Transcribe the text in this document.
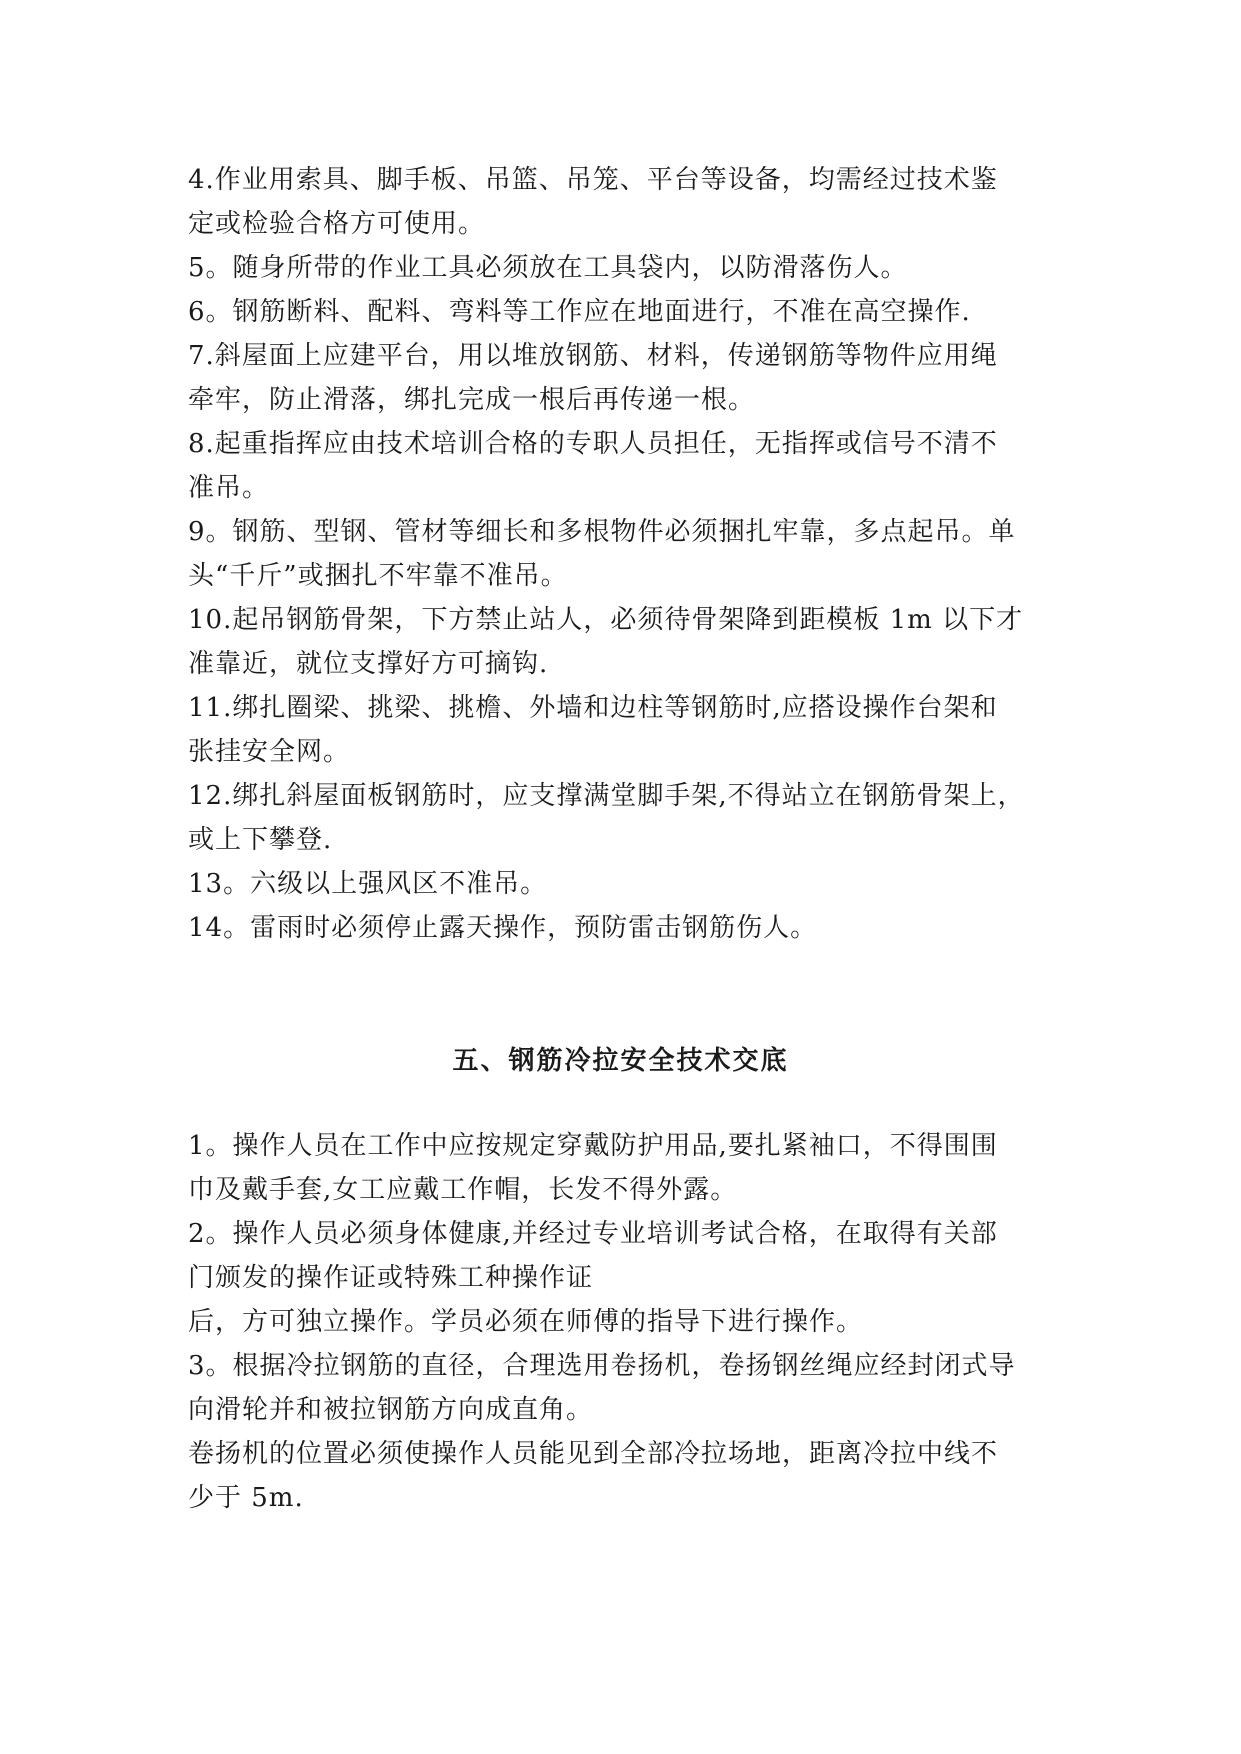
4.作业用索具、脚手板、吊篮、吊笼、平台等设备，均需经过技术鉴
定或检验合格方可使用。
5。随身所带的作业工具必须放在工具袋内，以防滑落伤人。
6。钢筋断料、配料、弯料等工作应在地面进行，不准在高空操作.
7.斜屋面上应建平台，用以堆放钢筋、材料，传递钢筋等物件应用绳
牵牢，防止滑落，绑扎完成一根后再传递一根。
8.起重指挥应由技术培训合格的专职人员担任，无指挥或信号不清不
准吊。
9。钢筋、型钢、管材等细长和多根物件必须捆扎牢靠，多点起吊。单
头“千斤”或捆扎不牢靠不准吊。
10.起吊钢筋骨架，下方禁止站人，必须待骨架降到距模板 1m 以下才
准靠近，就位支撑好方可摘钩.
11.绑扎圈梁、挑梁、挑檐、外墙和边柱等钢筋时,应搭设操作台架和
张挂安全网。
12.绑扎斜屋面板钢筋时，应支撑满堂脚手架,不得站立在钢筋骨架上，
或上下攀登.
13。六级以上强风区不准吊。
14。雷雨时必须停止露天操作，预防雷击钢筋伤人。
五、钢筋冷拉安全技术交底
1。操作人员在工作中应按规定穿戴防护用品,要扎紧袖口，不得围围
巾及戴手套,女工应戴工作帽，长发不得外露。
2。操作人员必须身体健康,并经过专业培训考试合格，在取得有关部
门颁发的操作证或特殊工种操作证
后，方可独立操作。学员必须在师傅的指导下进行操作。
3。根据冷拉钢筋的直径，合理选用卷扬机，卷扬钢丝绳应经封闭式导
向滑轮并和被拉钢筋方向成直角。
卷扬机的位置必须使操作人员能见到全部冷拉场地，距离冷拉中线不
少于 5m.
